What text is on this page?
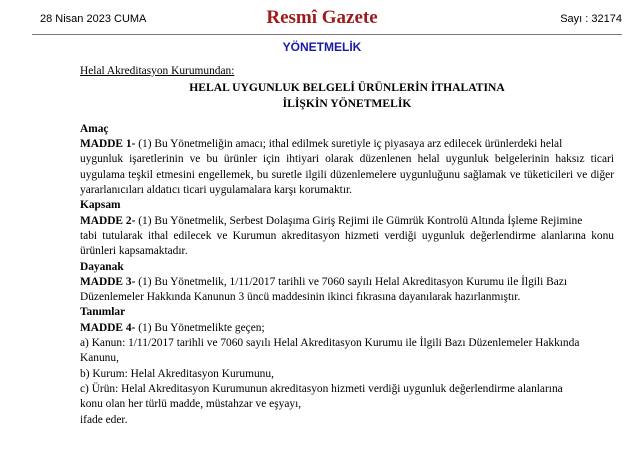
28 Nisan 2023 CUMA	Resmî Gazete	Sayı : 32174
YÖNETMELİK

Helal Akreditasyon Kurumundan:

HELAL UYGUNLUK BELGELİ ÜRÜNLERİN İTHALATINA

İLİŞKİN YÖNETMELİK

Amaç

MADDE 1- (1) Bu Yönetmeliğin amacı; ithal edilmek suretiyle iç piyasaya arz edilecek ürünlerdeki helal

uygunluk işaretlerinin ve bu ürünler için ihtiyari olarak düzenlenen helal uygunluk belgelerinin haksız ticari uygulama teşkil etmesini engellemek, bu suretle ilgili düzenlemelere uygunluğunu sağlamak ve tüketicileri ve diğer yararlanıcıları aldatıcı ticari uygulamalara karşı korumaktır.

Kapsam

MADDE 2- (1) Bu Yönetmelik, Serbest Dolaşıma Giriş Rejimi ile Gümrük Kontrolü Altında İşleme Rejimine

tabi tutularak ithal edilecek ve Kurumun akreditasyon hizmeti verdiği uygunluk değerlendirme alanlarına konu ürünleri kapsamaktadır.

Dayanak

MADDE 3- (1) Bu Yönetmelik, 1/11/2017 tarihli ve 7060 sayılı Helal Akreditasyon Kurumu ile İlgili Bazı

Düzenlemeler Hakkında Kanunun 3 üncü maddesinin ikinci fıkrasına dayanılarak hazırlanmıştır.

Tanımlar

MADDE 4- (1) Bu Yönetmelikte geçen;

a) Kanun: 1/11/2017 tarihli ve 7060 sayılı Helal Akreditasyon Kurumu ile İlgili Bazı Düzenlemeler Hakkında

Kanunu,

b) Kurum: Helal Akreditasyon Kurumunu,

c) Ürün: Helal Akreditasyon Kurumunun akreditasyon hizmeti verdiği uygunluk değerlendirme alanlarına

konu olan her türlü madde, müstahzar ve eşyayı,

ifade eder.
